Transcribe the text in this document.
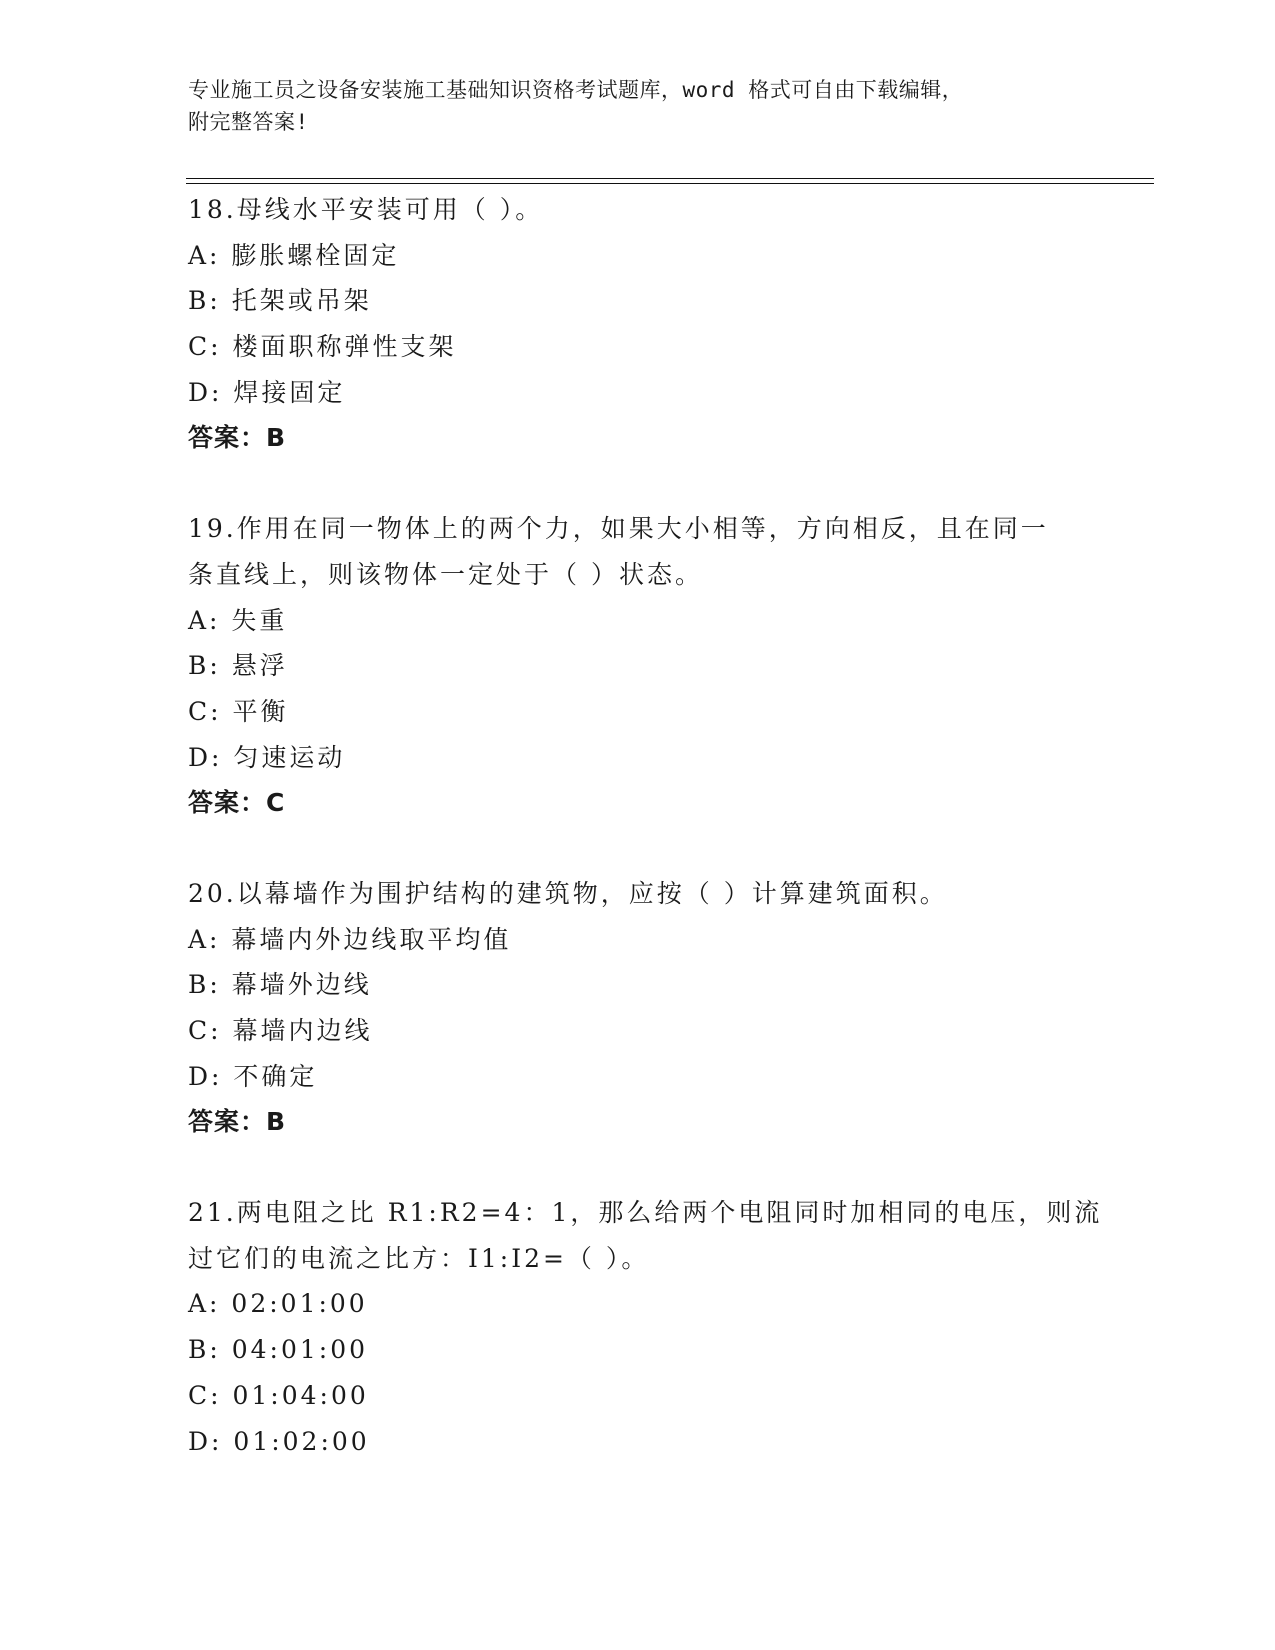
专业施工员之设备安装施工基础知识资格考试题库，word 格式可自由下载编辑，
附完整答案!
18.母线水平安装可用（ ）。
A: 膨胀螺栓固定
B: 托架或吊架
C: 楼面职称弹性支架
D: 焊接固定
答案：B
19.作用在同一物体上的两个力，如果大小相等，方向相反，且在同一
条直线上，则该物体一定处于（ ）状态。
A: 失重
B: 悬浮
C: 平衡
D: 匀速运动
答案：C
20.以幕墙作为围护结构的建筑物，应按（ ）计算建筑面积。
A: 幕墙内外边线取平均值
B: 幕墙外边线
C: 幕墙内边线
D: 不确定
答案：B
21.两电阻之比 R1:R2=4：1，那么给两个电阻同时加相同的电压，则流
过它们的电流之比方：I1:I2=（ ）。
A: 02:01:00
B: 04:01:00
C: 01:04:00
D: 01:02:00
